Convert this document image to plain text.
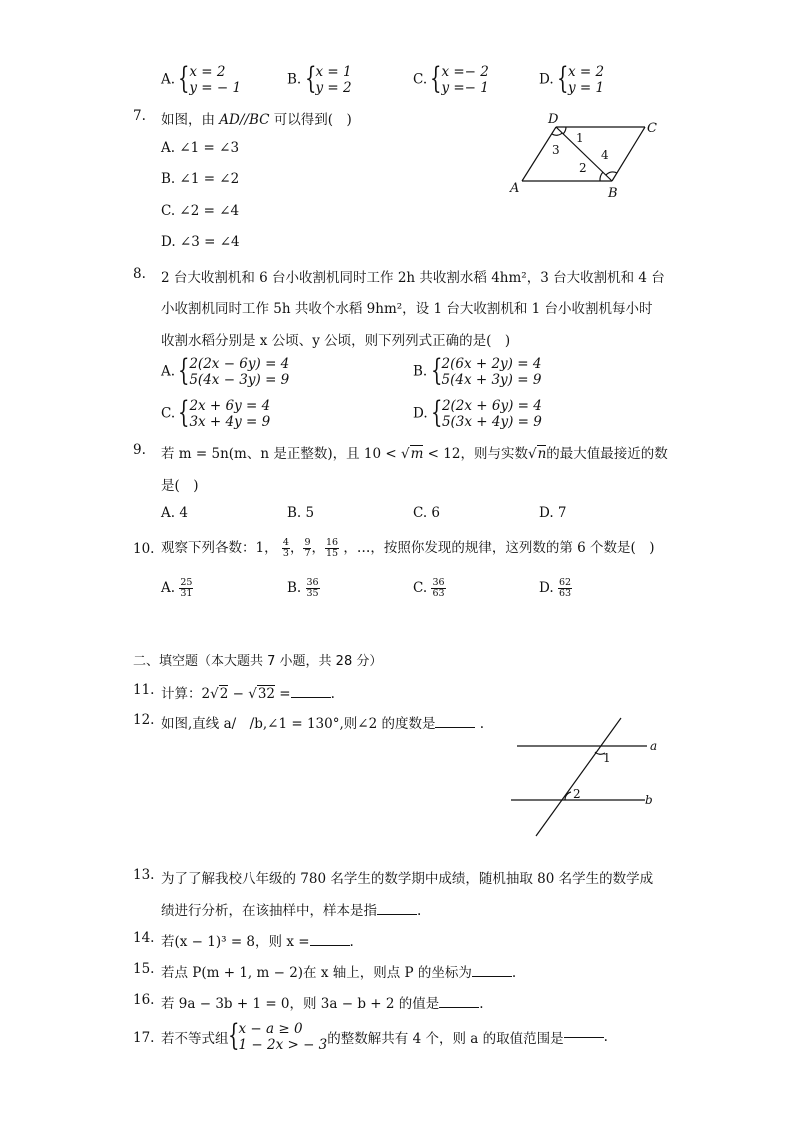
A. { x = 2
y = − 1
B. { x = 1
y = 2
C. { x =− 2
y =− 1
D. { x = 2
y = 1
7. 如图，由 AD//BC 可以得到(　)
A. ∠1 = ∠3
B. ∠1 = ∠2
C. ∠2 = ∠4
D. ∠3 = ∠4
D
C
A	B
1
3
2
4
8. 2 台大收割机和 6 台小收割机同时工作 2h 共收割水稻 4hm²，3 台大收割机和 4 台
小收割机同时工作 5h 共收个水稻 9hm²，设 1 台大收割机和 1 台小收割机每小时
收割水稻分别是 x 公顷、y 公顷，则下列列式正确的是(　)
A. { 2(2x − 6y) = 4
5(4x − 3y) = 9
B. { 2(6x + 2y) = 4
5(4x + 3y) = 9
C. { 2x + 6y = 4
3x + 4y = 9
D. { 2(2x + 6y) = 4
5(3x + 4y) = 9
9. 若 m = 5n(m、n 是正整数)，且 10 < √m < 12，则与实数√n的最大值最接近的数
是(　)
A. 4	B. 5	C. 6	D. 7
10. 观察下列各数：1， $\frac{4}{3}$ ， $\frac{9}{7}$ ， $\frac{16}{15}$ ，…，按照你发现的规律，这列数的第 6 个数是(　)
A. $\frac{25}{31}$	B. $\frac{36}{35}$	C. $\frac{36}{63}$	D. $\frac{62}{63}$
二、填空题（本大题共 7 小题，共 28 分）
11. 计算：2√2 − √32 =	.
12. 如图,直线 a/　/b,∠1 = 130°,则∠2 的度数是	.
a
b
1
2
13. 为了了解我校八年级的 780 名学生的数学期中成绩，随机抽取 80 名学生的数学成
绩进行分析，在该抽样中，样本是指	.
14. 若(x − 1)³ = 8，则 x =	.
15. 若点 P(m + 1, m − 2)在 x 轴上，则点 P 的坐标为	.
16. 若 9a − 3b + 1 = 0，则 3a − b + 2 的值是	.
17. 若不等式组{ x − a ≥ 0
1 − 2x > − 3的整数解共有 4 个，则 a 的取值范围是	.
